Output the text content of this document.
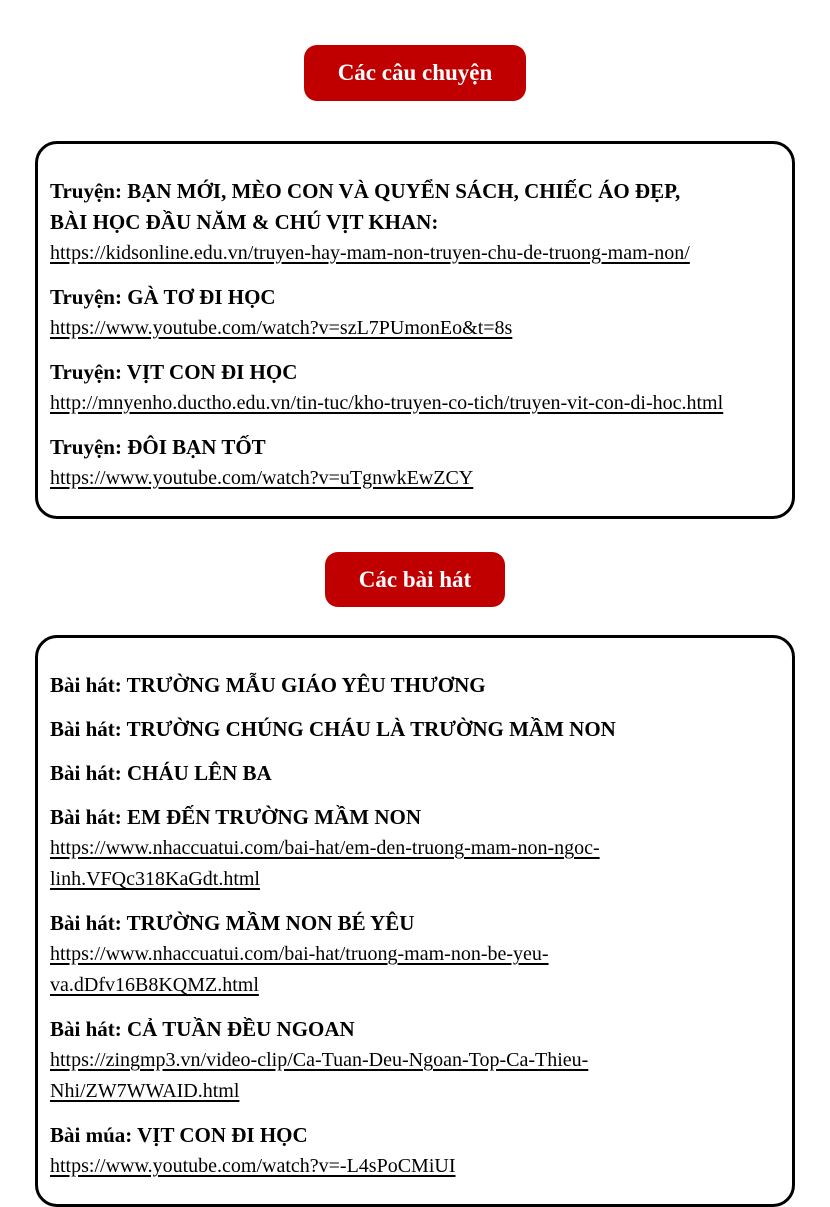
Các câu chuyện
Truyện: BẠN MỚI, MÈO CON VÀ QUYỂN SÁCH, CHIẾC ÁO ĐẸP,
BÀI HỌC ĐẦU NĂM & CHÚ VỊT KHAN:
https://kidsonline.edu.vn/truyen-hay-mam-non-truyen-chu-de-truong-mam-non/
Truyện: GÀ TƠ ĐI HỌC
https://www.youtube.com/watch?v=szL7PUmonEo&t=8s
Truyện: VỊT CON ĐI HỌC
http://mnyenho.ductho.edu.vn/tin-tuc/kho-truyen-co-tich/truyen-vit-con-di-hoc.html
Truyện: ĐÔI BẠN TỐT
https://www.youtube.com/watch?v=uTgnwkEwZCY
Các bài hát
Bài hát: TRƯỜNG MẪU GIÁO YÊU THƯƠNG
Bài hát: TRƯỜNG CHÚNG CHÁU LÀ TRƯỜNG MẦM NON
Bài hát: CHÁU LÊN BA
Bài hát: EM ĐẾN TRƯỜNG MẦM NON
https://www.nhaccuatui.com/bai-hat/em-den-truong-mam-non-ngoc-
linh.VFQc318KaGdt.html
Bài hát: TRƯỜNG MẦM NON BÉ YÊU
https://www.nhaccuatui.com/bai-hat/truong-mam-non-be-yeu-
va.dDfv16B8KQMZ.html
Bài hát: CẢ TUẦN ĐỀU NGOAN
https://zingmp3.vn/video-clip/Ca-Tuan-Deu-Ngoan-Top-Ca-Thieu-
Nhi/ZW7WWAID.html
Bài múa: VỊT CON ĐI HỌC
https://www.youtube.com/watch?v=-L4sPoCMiUI
